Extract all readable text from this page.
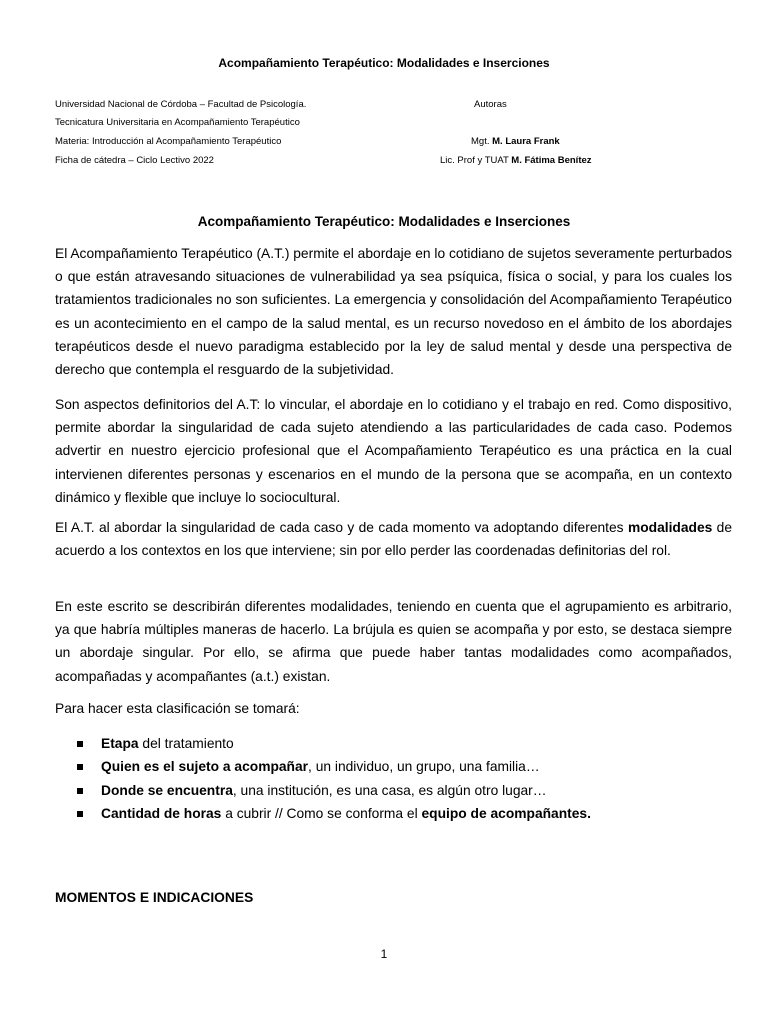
Acompañamiento Terapéutico: Modalidades e Inserciones
Universidad Nacional de Córdoba – Facultad de Psicología.
Tecnicatura Universitaria en Acompañamiento Terapéutico
Materia: Introducción al Acompañamiento Terapéutico
Ficha de cátedra – Ciclo Lectivo 2022
Autoras
Mgt. M. Laura Frank
Lic. Prof y TUAT M. Fátima Benítez
Acompañamiento Terapéutico: Modalidades e Inserciones
El Acompañamiento Terapéutico (A.T.) permite el abordaje en lo cotidiano de sujetos severamente perturbados o que están atravesando situaciones de vulnerabilidad ya sea psíquica, física o social, y para los cuales los tratamientos tradicionales no son suficientes. La emergencia y consolidación del Acompañamiento Terapéutico es un acontecimiento en el campo de la salud mental, es un recurso novedoso en el ámbito de los abordajes terapéuticos desde el nuevo paradigma establecido por la ley de salud mental y desde una perspectiva de derecho que contempla el resguardo de la subjetividad.
Son aspectos definitorios del A.T: lo vincular, el abordaje en lo cotidiano y el trabajo en red. Como dispositivo, permite abordar la singularidad de cada sujeto atendiendo a las particularidades de cada caso. Podemos advertir en nuestro ejercicio profesional que el Acompañamiento Terapéutico es una práctica en la cual intervienen diferentes personas y escenarios en el mundo de la persona que se acompaña, en un contexto dinámico y flexible que incluye lo sociocultural.
El A.T. al abordar la singularidad de cada caso y de cada momento va adoptando diferentes modalidades de acuerdo a los contextos en los que interviene; sin por ello perder las coordenadas definitorias del rol.
En este escrito se describirán diferentes modalidades, teniendo en cuenta que el agrupamiento es arbitrario, ya que habría múltiples maneras de hacerlo. La brújula es quien se acompaña y por esto, se destaca siempre un abordaje singular. Por ello, se afirma que puede haber tantas modalidades como acompañados, acompañadas y acompañantes (a.t.) existan.
Para hacer esta clasificación se tomará:
Etapa del tratamiento
Quien es el sujeto a acompañar, un individuo, un grupo, una familia…
Donde se encuentra, una institución, es una casa, es algún otro lugar…
Cantidad de horas a cubrir // Como se conforma el equipo de acompañantes.
MOMENTOS E INDICACIONES
1
